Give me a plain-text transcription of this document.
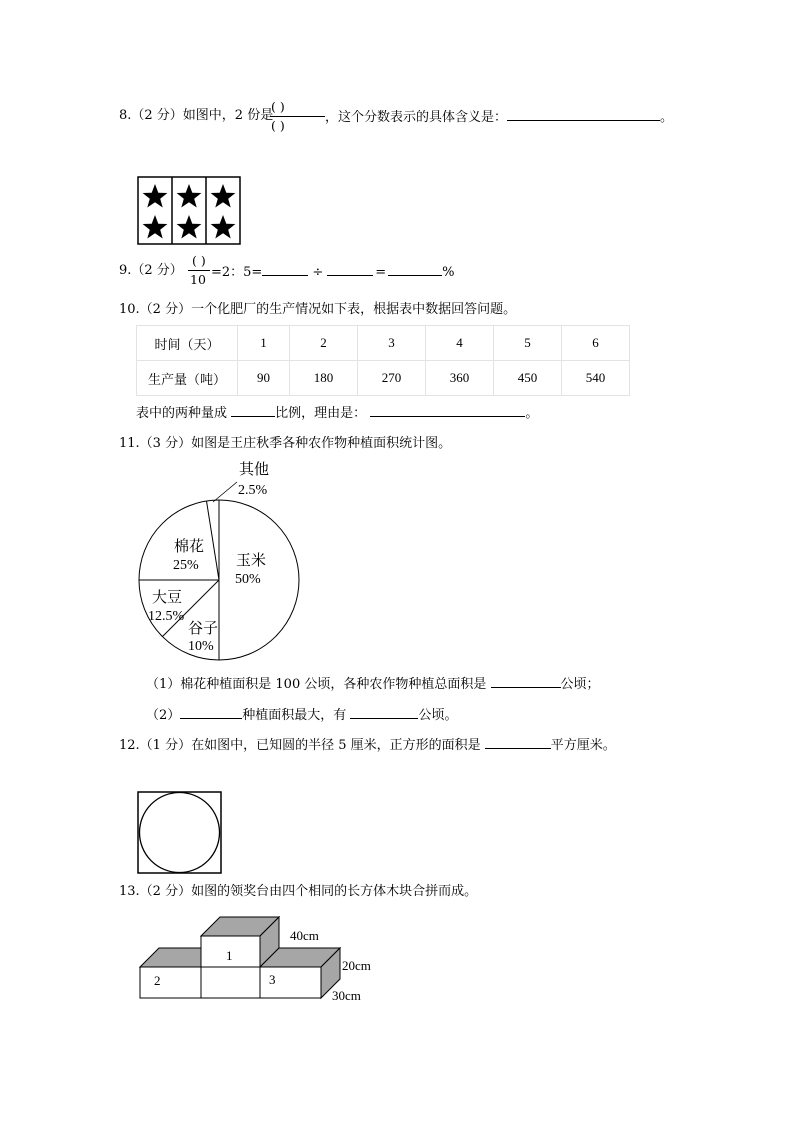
8.（2 分）如图中，2 份是
( )
( )
，这个分数表示的具体含义是：	。
9.（2 分）
( )
10 =2：5=	÷	=	%
10.（2 分）一个化肥厂的生产情况如下表，根据表中数据回答问题。
时间（天）	1	2	3	4	5	6
生产量（吨）	90	180	270	360	450	540
表中的两种量成	比例，理由是：	。
11.（3 分）如图是王庄秋季各种农作物种植面积统计图。
其他
2.5%
玉米
50%
棉花
25%
大豆
12.5%
谷子
10%
（1）棉花种植面积是 100 公顷，各种农作物种植总面积是	公顷；
（2）	种植面积最大，有	公顷。
12.（1 分）在如图中，已知圆的半径 5 厘米，正方形的面积是	平方厘米。
13.（2 分）如图的领奖台由四个相同的长方体木块合拼而成。
1
2	3
40cm
20cm
30cm
